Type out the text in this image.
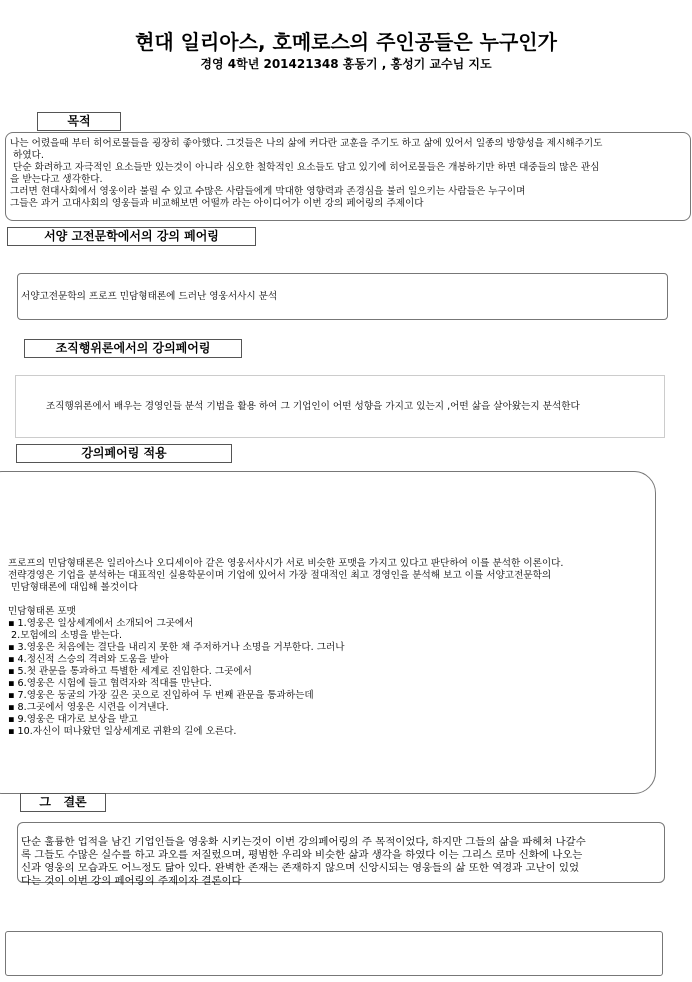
현대 일리아스, 호메로스의 주인공들은 누구인가
경영 4학년 201421348 홍동기 , 홍성기 교수님 지도
목적
나는 어렸을때 부터 히어로물들을 굉장히 좋아했다. 그것들은 나의 삶에 커다란 교훈을 주기도 하고 삶에 있어서 일종의 방향성을 제시해주기도
하였다.
단순 화려하고 자극적인 요소들만 있는것이 아니라 심오한 철학적인 요소들도 담고 있기에 히어로물들은 개봉하기만 하면 대중들의 많은 관심
을 받는다고 생각한다.
그러면 현대사회에서 영웅이라 불릴 수 있고 수많은 사람들에게 막대한 영향력과 존경심을 불러 일으키는 사람들은 누구이며
그들은 과거 고대사회의 영웅들과 비교해보면 어떨까 라는 아이디어가 이번 강의 페어링의 주제이다
서양 고전문학에서의 강의 페어링
서양고전문학의 프로프 민담형태론에 드러난 영웅서사시 분석
조직행위론에서의 강의페어링
조직행위론에서 배우는 경영인들 분석 기법을 활용 하여 그 기업인이 어떤 성향을 가지고 있는지 ,어떤 삶을 살아왔는지 분석한다
강의페어링 적용
프로프의 민담형태론은 일리아스나 오디세이아 같은 영웅서사시가 서로 비슷한 포맷을 가지고 있다고 판단하여 이를 분석한 이론이다.
전략경영은 기업을 분석하는 대표적인 실용학문이며 기업에 있어서 가장 절대적인 최고 경영인을 분석해 보고 이를 서양고전문학의
민담형태론에 대입해 볼것이다
민담형태론 포맷
▪ 1.영웅은 일상세계에서 소개되어 그곳에서
2.모험에의 소명을 받는다.
▪ 3.영웅은 처음에는 결단을 내리지 못한 채 주저하거나 소명을 거부한다. 그러나
▪ 4.정신적 스승의 격려와 도움을 받아
▪ 5.첫 관문을 통과하고 특별한 세계로 진입한다. 그곳에서
▪ 6.영웅은 시험에 들고 협력자와 적대를 만난다.
▪ 7.영웅은 동굴의 가장 깊은 곳으로 진입하여 두 번째 관문을 통과하는데
▪ 8.그곳에서 영웅은 시련을 이겨낸다.
▪ 9.영웅은 대가로 보상을 받고
▪ 10.자신이 떠나왔던 일상세계로 귀환의 길에 오른다.
그   결론
단순 훌륭한 업적을 남긴 기업인들을 영웅화 시키는것이 이번 강의페어링의 주 목적이었다, 하지만 그들의 삶을 파헤쳐 나갈수
록 그들도 수많은 실수를 하고 과오를 저질렀으며, 평범한 우리와 비슷한 삶과 생각을 하였다 이는 그리스 로마 신화에 나오는
신과 영웅의 모습과도 어느정도 닮아 있다. 완벽한 존재는 존재하지 않으며 신앙시되는 영웅들의 삶 또한 역경과 고난이 있었
다는 것이 이번 강의 페어링의 주제이자 결론이다
